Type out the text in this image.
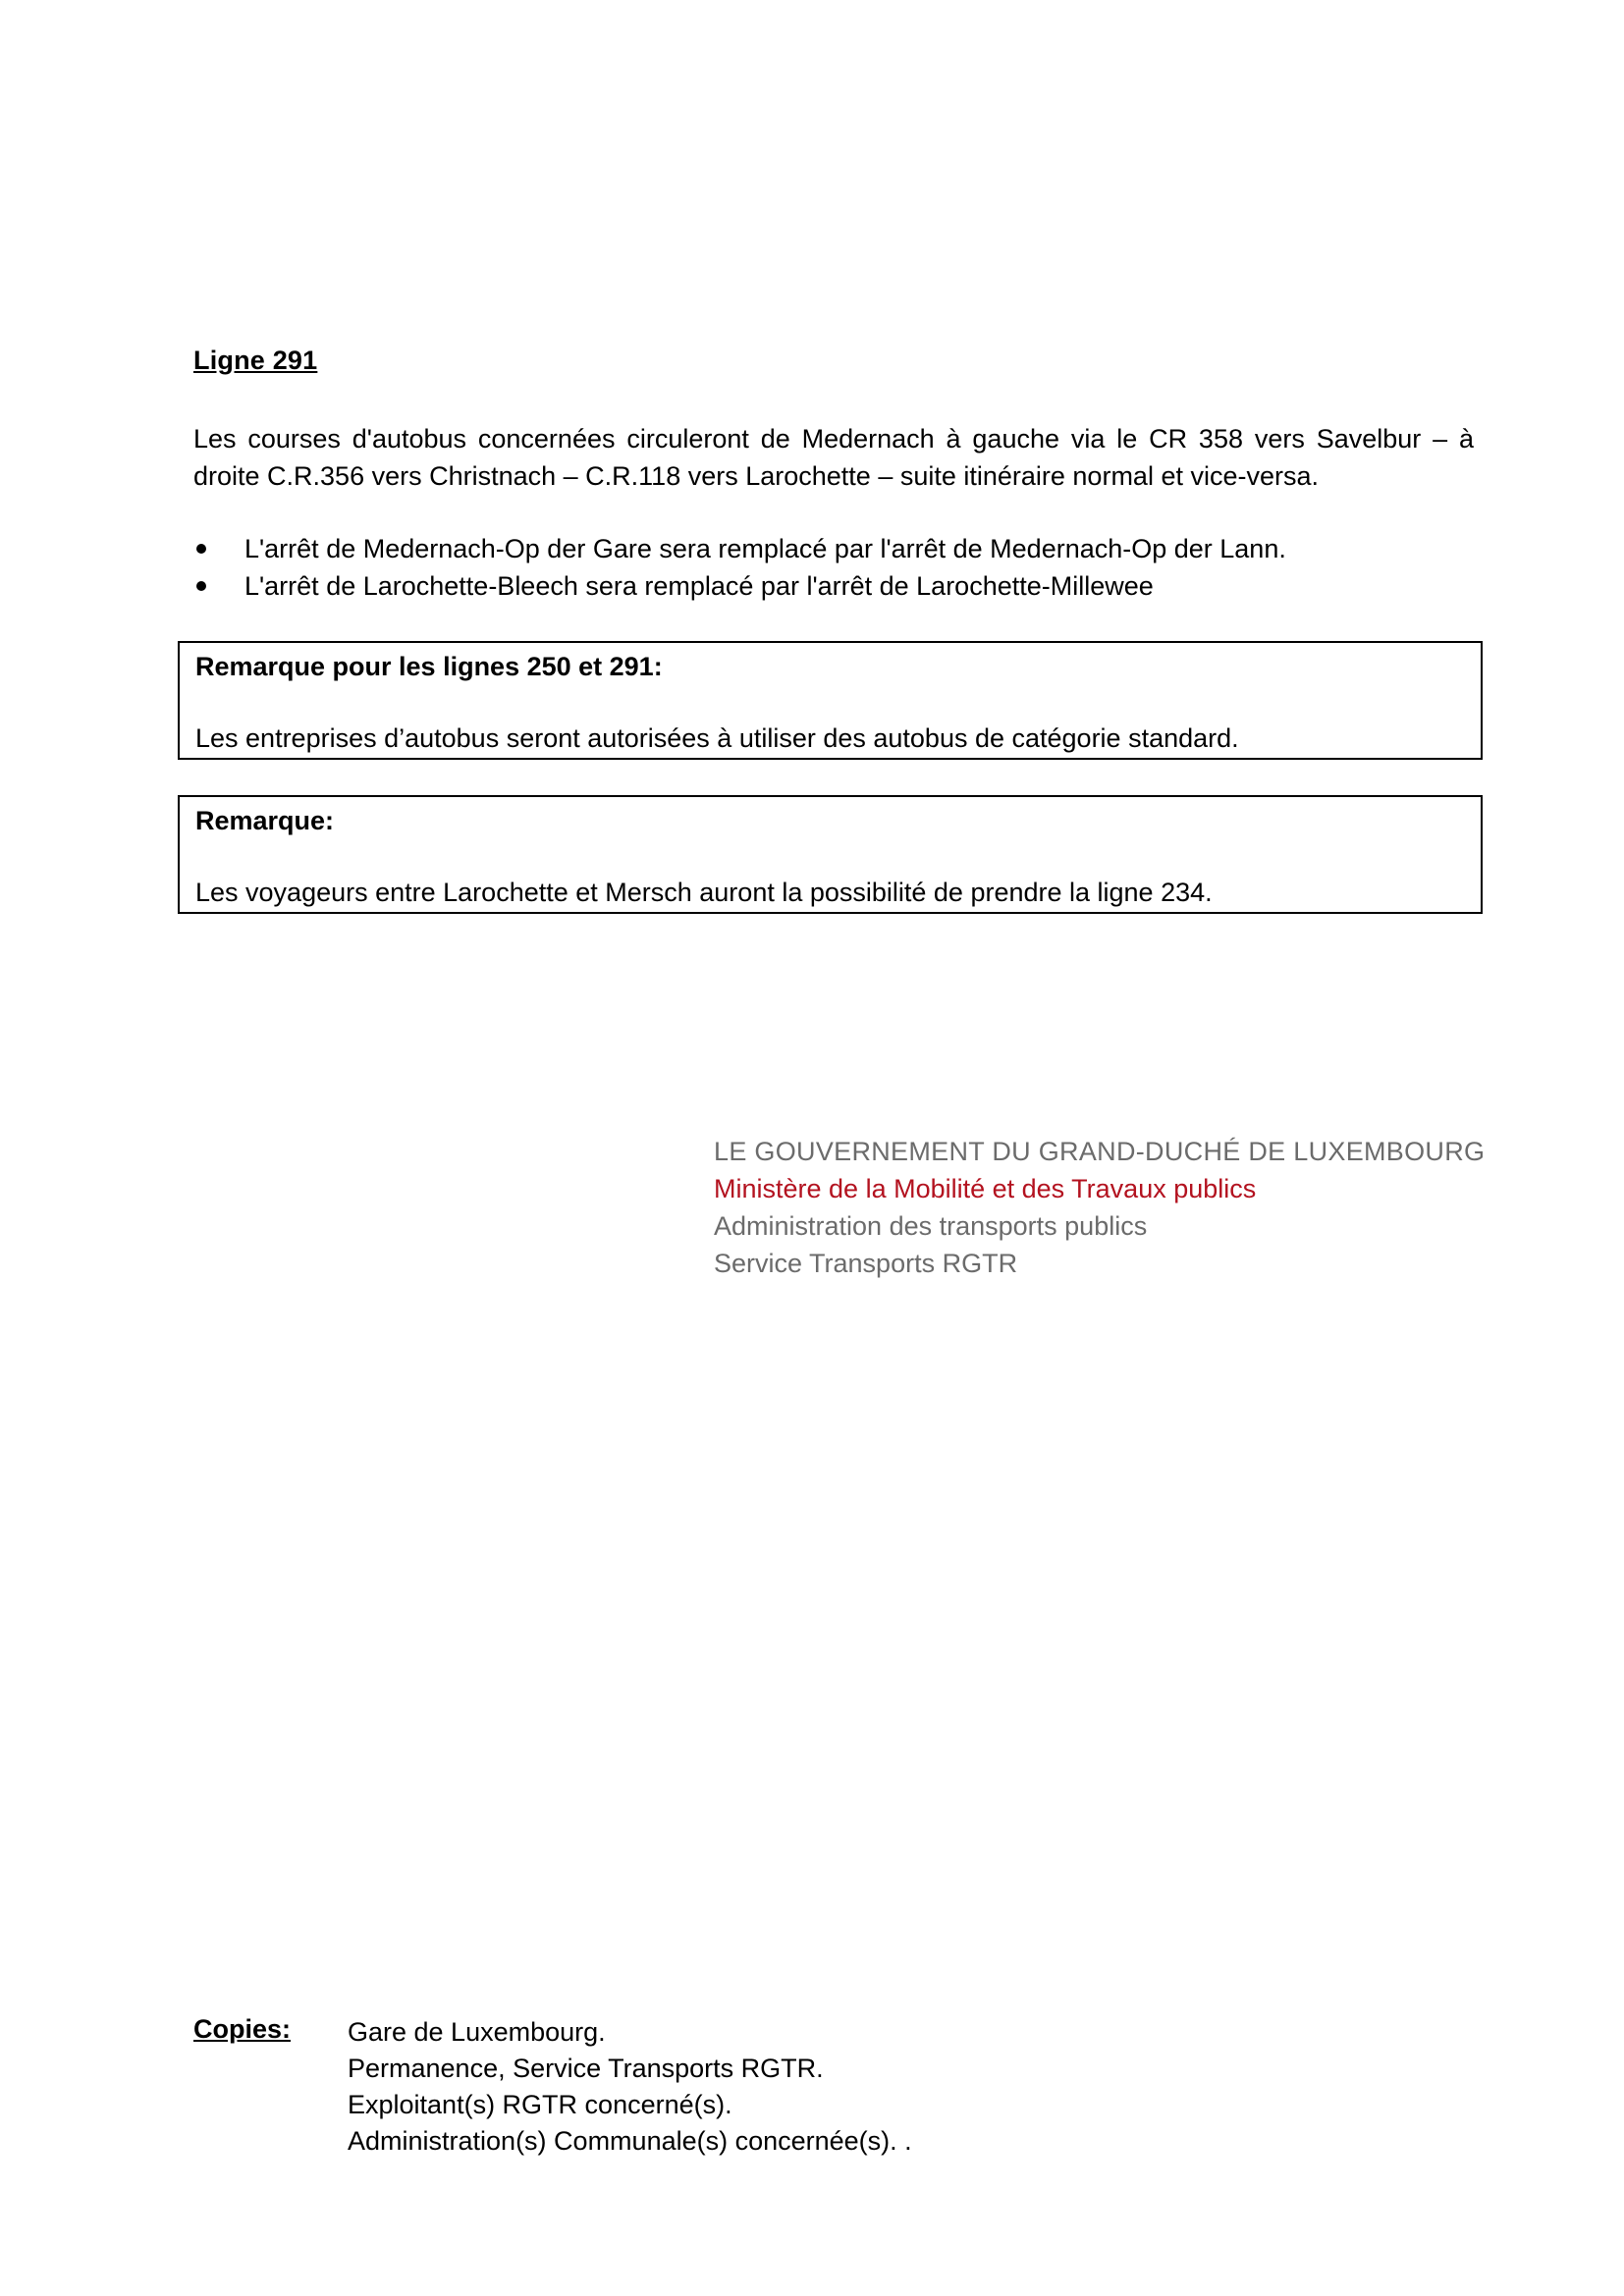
Ligne 291

Les courses d'autobus concernées circuleront de Medernach à gauche via le CR 358 vers Savelbur – à droite C.R.356 vers Christnach – C.R.118 vers Larochette – suite itinéraire normal et vice-versa.

L'arrêt de Medernach-Op der Gare sera remplacé par l'arrêt de Medernach-Op der Lann.
L'arrêt de Larochette-Bleech sera remplacé par l'arrêt de Larochette-Millewee
Remarque pour les lignes 250 et 291:
Les entreprises d’autobus seront autorisées à utiliser des autobus de catégorie standard.
Remarque:
Les voyageurs entre Larochette et Mersch auront la possibilité de prendre la ligne 234.
LE GOUVERNEMENT DU GRAND-DUCHÉ DE LUXEMBOURG
Ministère de la Mobilité et des Travaux publics
Administration des transports publics
Service Transports RGTR
Copies: Gare de Luxembourg.
Permanence, Service Transports RGTR.
Exploitant(s) RGTR concerné(s).
Administration(s) Communale(s) concernée(s). .
